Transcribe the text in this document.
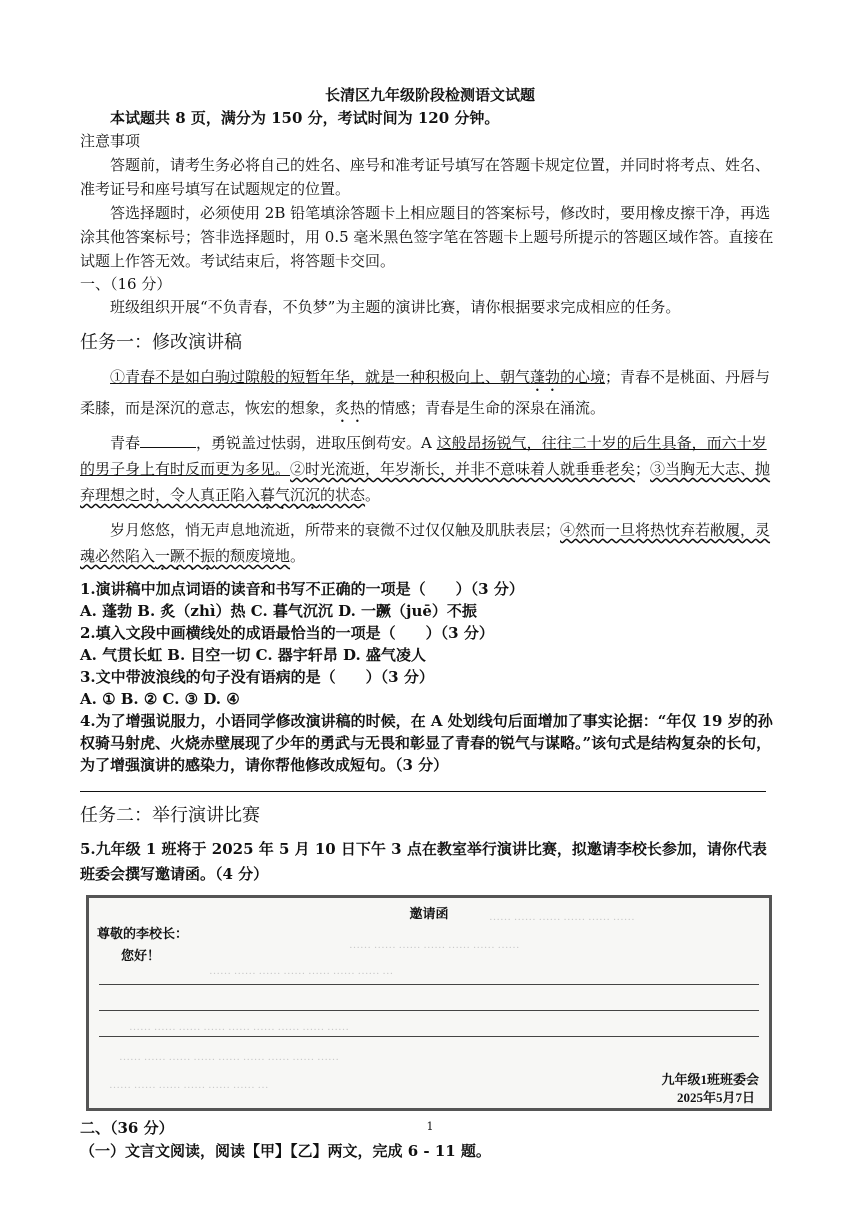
长清区九年级阶段检测语文试题

本试题共 8 页，满分为 150 分，考试时间为 120 分钟。

注意事项

答题前，请考生务必将自己的姓名、座号和准考证号填写在答题卡规定位置，并同时将考点、姓名、准考证号和座号填写在试题规定的位置。

答选择题时，必须使用 2B 铅笔填涂答题卡上相应题目的答案标号，修改时，要用橡皮擦干净，再选涂其他答案标号；答非选择题时，用 0.5 毫米黑色签字笔在答题卡上题号所提示的答题区域作答。直接在试题上作答无效。考试结束后，将答题卡交回。

一、（16 分）

班级组织开展“不负青春，不负梦”为主题的演讲比赛，请你根据要求完成相应的任务。

任务一：修改演讲稿

①青春不是如白驹过隙般的短暂年华，就是一种积极向上、朝气蓬勃的心境；青春不是桃面、丹唇与柔膝，而是深沉的意志，恢宏的想象，炙热的情感；青春是生命的深泉在涌流。

青春	，勇锐盖过怯弱，进取压倒苟安。A 这般昂扬锐气，往往二十岁的后生具备，而六十岁的男子身上有时反而更为多见。②时光流逝，年岁渐长，并非不意味着人就垂垂老矣；③当胸无大志、抛弃理想之时，令人真正陷入暮气沉沉的状态。

岁月悠悠，悄无声息地流逝，所带来的衰微不过仅仅触及肌肤表层；④然而一旦将热忱弃若敝履，灵魂必然陷入一蹶不振的颓废境地。

1.演讲稿中加点词语的读音和书写不正确的一项是（　　）（3 分）

A. 蓬勃 B. 炙（zhì）热 C. 暮气沉沉 D. 一蹶（juē）不振

2.填入文段中画横线处的成语最恰当的一项是（　　）（3 分）

A. 气贯长虹 B. 目空一切 C. 器宇轩昂 D. 盛气凌人

3.文中带波浪线的句子没有语病的是（　　）（3 分）

A. ① B. ② C. ③ D. ④

4.为了增强说服力，小语同学修改演讲稿的时候，在 A 处划线句后面增加了事实论据：“年仅 19 岁的孙权骑马射虎、火烧赤壁展现了少年的勇武与无畏和彰显了青春的锐气与谋略。”该句式是结构复杂的长句，为了增强演讲的感染力，请你帮他修改成短句。（3 分）

任务二：举行演讲比赛

5.九年级 1 班将于 2025 年 5 月 10 日下午 3 点在教室举行演讲比赛，拟邀请李校长参加，请你代表班委会撰写邀请函。（4 分）

…… …… …… …… …… ……
…… …… …… …… …… …… ……
…… …… …… …… …… …… …… …
…… …… …… …… …… …… …… …… ……
…… …… …… …… …… …… …… …… ……
…… …… …… …… …… …… …
邀请函
尊敬的李校长：
您好！
九年级1班班委会
2025年5月7日

二、（36 分）

（一）文言文阅读，阅读【甲】【乙】两文，完成 6 - 11 题。

1
